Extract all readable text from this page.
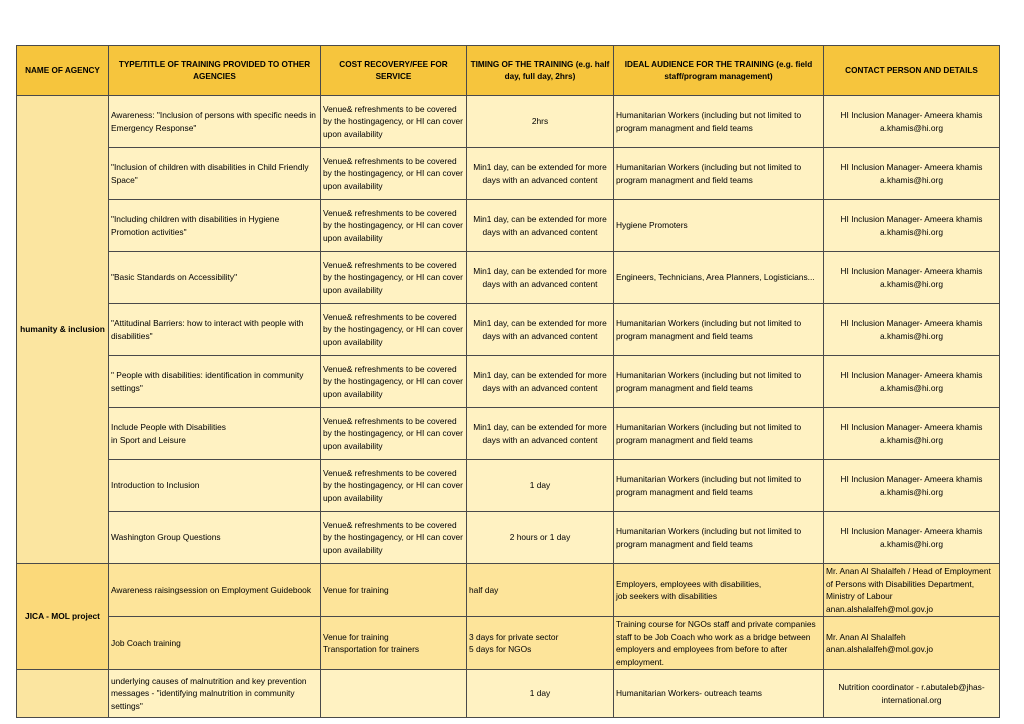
NAME OF AGENCY	TYPE/TITLE OF TRAINING PROVIDED TO OTHER AGENCIES	COST RECOVERY/FEE FOR SERVICE	TIMING OF THE TRAINING (e.g. half day, full day, 2hrs)	IDEAL AUDIENCE FOR THE TRAINING (e.g. field staff/program management)	CONTACT PERSON AND DETAILS
humanity & inclusion	Awareness: "Inclusion of persons with specific needs in Emergency Response"	Venue& refreshments to be covered by the hostingagency, or HI can cover upon availability	2hrs	Humanitarian Workers (including but not limited to program managment and field teams	HI Inclusion Manager- Ameera khamis
a.khamis@hi.org
	"Inclusion of children with disabilities in Child Friendly Space"	Venue& refreshments to be covered by the hostingagency, or HI can cover upon availability	Min1 day, can be extended for more days with an advanced content	Humanitarian Workers (including but not limited to program managment and field teams	HI Inclusion Manager- Ameera khamis
a.khamis@hi.org
	"Including children with disabilities in Hygiene Promotion activities"	Venue& refreshments to be covered by the hostingagency, or HI can cover upon availability	Min1 day, can be extended for more days with an advanced content	Hygiene Promoters	HI Inclusion Manager- Ameera khamis
a.khamis@hi.org
	"Basic Standards on Accessibility"	Venue& refreshments to be covered by the hostingagency, or HI can cover upon availability	Min1 day, can be extended for more days with an advanced content	Engineers, Technicians, Area Planners, Logisticians...	HI Inclusion Manager- Ameera khamis
a.khamis@hi.org
	"Attitudinal Barriers: how to interact with people with disabilities"	Venue& refreshments to be covered by the hostingagency, or HI can cover upon availability	Min1 day, can be extended for more days with an advanced content	Humanitarian Workers (including but not limited to program managment and field teams	HI Inclusion Manager- Ameera khamis
a.khamis@hi.org
	" People with disabilities: identification in community settings"	Venue& refreshments to be covered by the hostingagency, or HI can cover upon availability	Min1 day, can be extended for more days with an advanced content	Humanitarian Workers (including but not limited to program managment and field teams	HI Inclusion Manager- Ameera khamis
a.khamis@hi.org
	Include People with Disabilities
in Sport and Leisure	Venue& refreshments to be covered by the hostingagency, or HI can cover upon availability	Min1 day, can be extended for more days with an advanced content	Humanitarian Workers (including but not limited to program managment and field teams	HI Inclusion Manager- Ameera khamis
a.khamis@hi.org
	Introduction to Inclusion	Venue& refreshments to be covered by the hostingagency, or HI can cover upon availability	1 day	Humanitarian Workers (including but not limited to program managment and field teams	HI Inclusion Manager- Ameera khamis
a.khamis@hi.org
	Washington Group Questions	Venue& refreshments to be covered by the hostingagency, or HI can cover upon availability	2 hours or 1 day	Humanitarian Workers (including but not limited to program managment and field teams	HI Inclusion Manager- Ameera khamis
a.khamis@hi.org
JICA - MOL project	Awareness raisingsession on Employment Guidebook	Venue for training	half day	Employers, employees with disabilities,
job seekers with disabilities	Mr. Anan Al Shalalfeh / Head of Employment of Persons with Disabilities Department, Ministry of Labour
anan.alshalalfeh@mol.gov.jo
	Job Coach training	Venue for training
Transportation for trainers	3 days for private sector
5 days for NGOs	Training course for NGOs staff and private companies staff to be Job Coach who work as a bridge between employers and employees from before to after employment.	Mr. Anan Al Shalalfeh
anan.alshalalfeh@mol.gov.jo
	underlying causes of malnutrition and key prevention messages - "identifying malnutrition in community settings"		1 day	Humanitarian Workers- outreach teams	Nutrition coordinator - r.abutaleb@jhas-international.org
